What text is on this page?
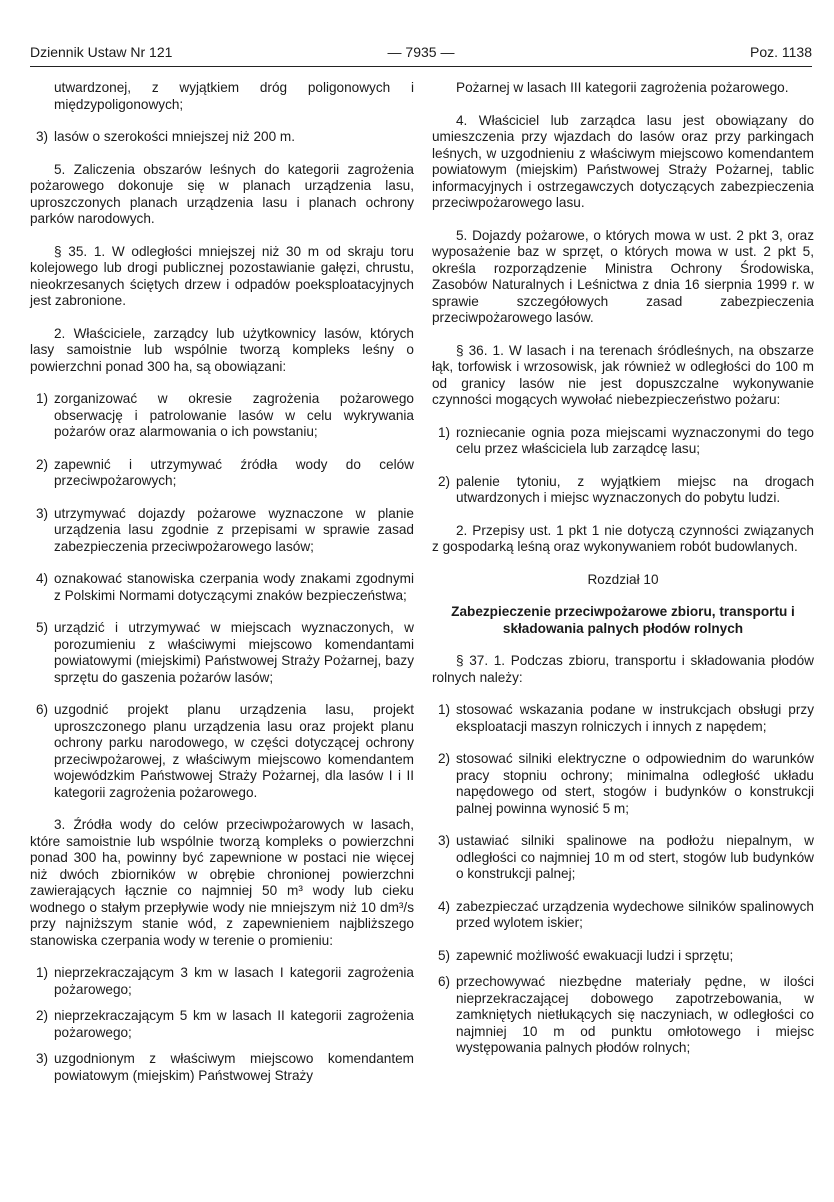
Dziennik Ustaw Nr 121	— 7935 —	Poz. 1138

utwardzonej, z wyjątkiem dróg poligonowych i międzypoligonowych;

3) lasów o szerokości mniejszej niż 200 m.

5. Zaliczenia obszarów leśnych do kategorii zagrożenia pożarowego dokonuje się w planach urządzenia lasu, uproszczonych planach urządzenia lasu i planach ochrony parków narodowych.

§ 35. 1. W odległości mniejszej niż 30 m od skraju toru kolejowego lub drogi publicznej pozostawianie gałęzi, chrustu, nieokrzesanych ściętych drzew i odpadów poeksploatacyjnych jest zabronione.

2. Właściciele, zarządcy lub użytkownicy lasów, których lasy samoistnie lub wspólnie tworzą kompleks leśny o powierzchni ponad 300 ha, są obowiązani:

1) zorganizować w okresie zagrożenia pożarowego obserwację i patrolowanie lasów w celu wykrywania pożarów oraz alarmowania o ich powstaniu;
2) zapewnić i utrzymywać źródła wody do celów przeciwpożarowych;
3) utrzymywać dojazdy pożarowe wyznaczone w planie urządzenia lasu zgodnie z przepisami w sprawie zasad zabezpieczenia przeciwpożarowego lasów;
4) oznakować stanowiska czerpania wody znakami zgodnymi z Polskimi Normami dotyczącymi znaków bezpieczeństwa;
5) urządzić i utrzymywać w miejscach wyznaczonych, w porozumieniu z właściwymi miejscowo komendantami powiatowymi (miejskimi) Państwowej Straży Pożarnej, bazy sprzętu do gaszenia pożarów lasów;
6) uzgodnić projekt planu urządzenia lasu, projekt uproszczonego planu urządzenia lasu oraz projekt planu ochrony parku narodowego, w części dotyczącej ochrony przeciwpożarowej, z właściwym miejscowo komendantem wojewódzkim Państwowej Straży Pożarnej, dla lasów I i II kategorii zagrożenia pożarowego.

3. Źródła wody do celów przeciwpożarowych w lasach, które samoistnie lub wspólnie tworzą kompleks o powierzchni ponad 300 ha, powinny być zapewnione w postaci nie więcej niż dwóch zbiorników w obrębie chronionej powierzchni zawierających łącznie co najmniej 50 m³ wody lub cieku wodnego o stałym przepływie wody nie mniejszym niż 10 dm³/s przy najniższym stanie wód, z zapewnieniem najbliższego stanowiska czerpania wody w terenie o promieniu:

1) nieprzekraczającym 3 km w lasach I kategorii zagrożenia pożarowego;
2) nieprzekraczającym 5 km w lasach II kategorii zagrożenia pożarowego;
3) uzgodnionym z właściwym miejscowo komendantem powiatowym (miejskim) Państwowej Straży

Pożarnej w lasach III kategorii zagrożenia pożarowego.

4. Właściciel lub zarządca lasu jest obowiązany do umieszczenia przy wjazdach do lasów oraz przy parkingach leśnych, w uzgodnieniu z właściwym miejscowo komendantem powiatowym (miejskim) Państwowej Straży Pożarnej, tablic informacyjnych i ostrzegawczych dotyczących zabezpieczenia przeciwpożarowego lasu.

5. Dojazdy pożarowe, o których mowa w ust. 2 pkt 3, oraz wyposażenie baz w sprzęt, o których mowa w ust. 2 pkt 5, określa rozporządzenie Ministra Ochrony Środowiska, Zasobów Naturalnych i Leśnictwa z dnia 16 sierpnia 1999 r. w sprawie szczegółowych zasad zabezpieczenia przeciwpożarowego lasów.

§ 36. 1. W lasach i na terenach śródleśnych, na obszarze łąk, torfowisk i wrzosowisk, jak również w odległości do 100 m od granicy lasów nie jest dopuszczalne wykonywanie czynności mogących wywołać niebezpieczeństwo pożaru:

1) rozniecanie ognia poza miejscami wyznaczonymi do tego celu przez właściciela lub zarządcę lasu;
2) palenie tytoniu, z wyjątkiem miejsc na drogach utwardzonych i miejsc wyznaczonych do pobytu ludzi.

2. Przepisy ust. 1 pkt 1 nie dotyczą czynności związanych z gospodarką leśną oraz wykonywaniem robót budowlanych.

Rozdział 10

Zabezpieczenie przeciwpożarowe zbioru, transportu i składowania palnych płodów rolnych

§ 37. 1. Podczas zbioru, transportu i składowania płodów rolnych należy:

1) stosować wskazania podane w instrukcjach obsługi przy eksploatacji maszyn rolniczych i innych z napędem;
2) stosować silniki elektryczne o odpowiednim do warunków pracy stopniu ochrony; minimalna odległość układu napędowego od stert, stogów i budynków o konstrukcji palnej powinna wynosić 5 m;
3) ustawiać silniki spalinowe na podłożu niepalnym, w odległości co najmniej 10 m od stert, stogów lub budynków o konstrukcji palnej;
4) zabezpieczać urządzenia wydechowe silników spalinowych przed wylotem iskier;
5) zapewnić możliwość ewakuacji ludzi i sprzętu;
6) przechowywać niezbędne materiały pędne, w ilości nieprzekraczającej dobowego zapotrzebowania, w zamkniętych nietłukących się naczyniach, w odległości co najmniej 10 m od punktu omłotowego i miejsc występowania palnych płodów rolnych;
